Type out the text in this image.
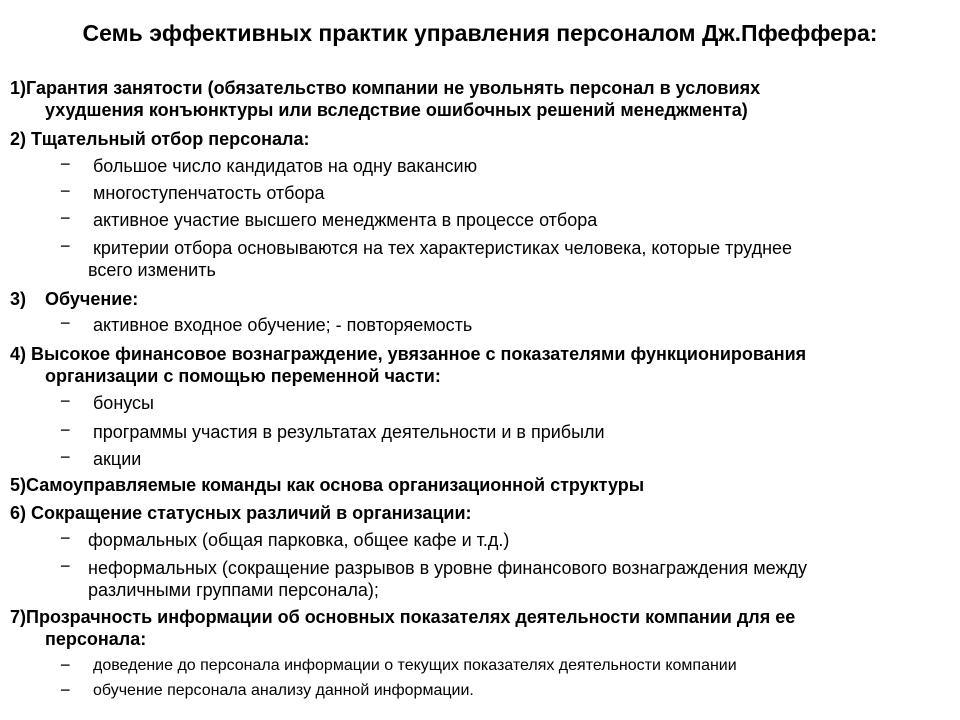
Семь эффективных практик управления персоналом Дж.Пфеффера:
1)Гарантия занятости (обязательство компании не увольнять персонал в условиях
ухудшения конъюнктуры или вследствие ошибочных решений менеджмента)
2) Тщательный отбор персонала:
− большое число кандидатов на одну вакансию
− многоступенчатость отбора
− активное участие высшего менеджмента в процессе отбора
− критерии отбора основываются на тех характеристиках человека, которые труднее
всего изменить
3) Обучение:
− активное входное обучение; - повторяемость
4) Высокое финансовое вознаграждение, увязанное с показателями функционирования
организации с помощью переменной части:
− бонусы
− программы участия в результатах деятельности и в прибыли
− акции
5)Самоуправляемые команды как основа организационной структуры
6) Сокращение статусных различий в организации:
− формальных (общая парковка, общее кафе и т.д.)
− неформальных (сокращение разрывов в уровне финансового вознаграждения между
различными группами персонала);
7)Прозрачность информации об основных показателях деятельности компании для ее
персонала:
− доведение до персонала информации о текущих показателях деятельности компании
− обучение персонала анализу данной информации.
